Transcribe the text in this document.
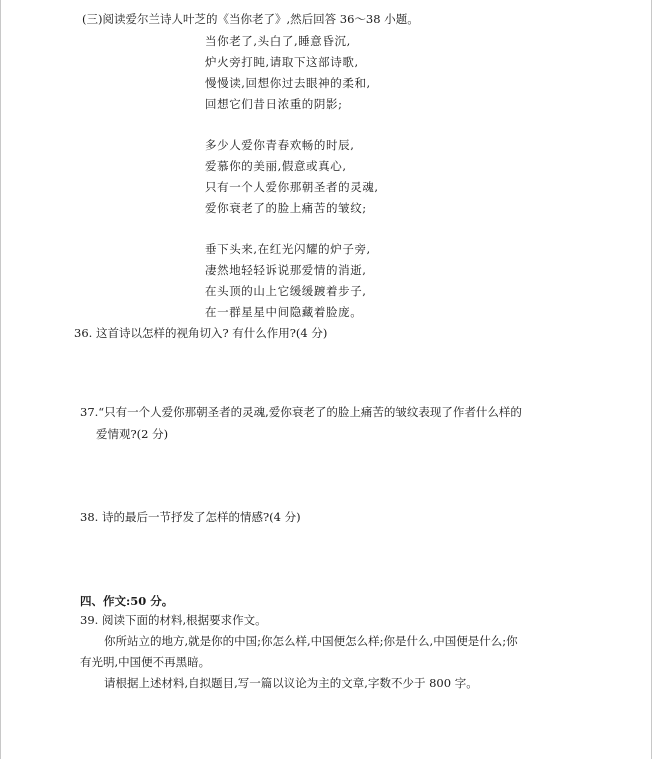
(三)阅读爱尔兰诗人叶芝的《当你老了》,然后回答 36～38 小题。
当你老了,头白了,睡意昏沉,
炉火旁打盹,请取下这部诗歌,
慢慢读,回想你过去眼神的柔和,
回想它们昔日浓重的阴影;
多少人爱你青春欢畅的时辰,
爱慕你的美丽,假意或真心,
只有一个人爱你那朝圣者的灵魂,
爱你衰老了的脸上痛苦的皱纹;
垂下头来,在红光闪耀的炉子旁,
凄然地轻轻诉说那爱情的消逝,
在头顶的山上它缓缓踱着步子,
在一群星星中间隐藏着脸庞。
36. 这首诗以怎样的视角切入? 有什么作用?(4 分)
37.“只有一个人爱你那朝圣者的灵魂,爱你衰老了的脸上痛苦的皱纹表现了作者什么样的
爱情观?(2 分)
38. 诗的最后一节抒发了怎样的情感?(4 分)
四、作文:50 分。
39. 阅读下面的材料,根据要求作文。
你所站立的地方,就是你的中国;你怎么样,中国便怎么样;你是什么,中国便是什么;你
有光明,中国便不再黑暗。
请根据上述材料,自拟题目,写一篇以议论为主的文章,字数不少于 800 字。
